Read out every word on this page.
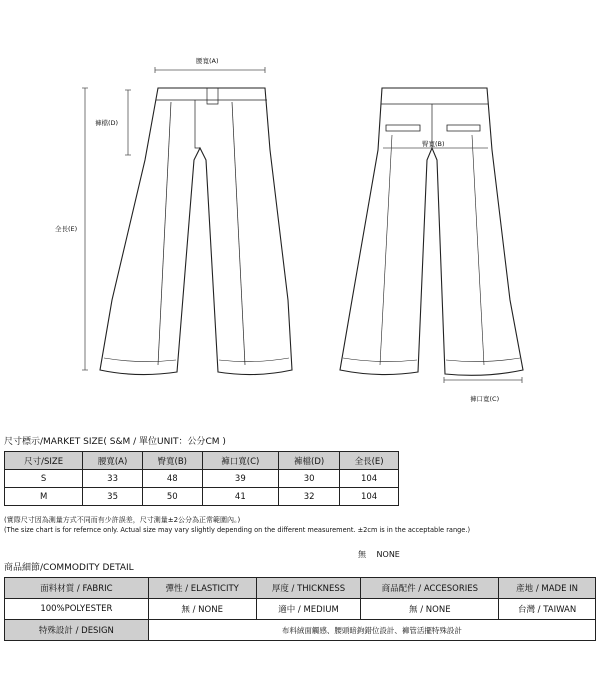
腰寬(A)
褲檔(D)
全長(E)
臀寬(B)
褲口寬(C)
尺寸標示/MARKET SIZE( S&M / 單位UNIT：公分CM )
尺寸/SIZE	腰寬(A)	臀寬(B)	褲口寬(C)	褲檔(D)	全長(E)
S	33	48	39	30	104
M	35	50	41	32	104
(實際尺寸因為測量方式不同而有少許誤差，尺寸測量±2公分為正常範圍內。)
(The size chart is for refernce only. Actual size may vary slightly depending on the different measurement. ±2cm is in the acceptable range.)
無　 NONE
商品細節/COMMODITY DETAIL
面料材質 / FABRIC	彈性 / ELASTICITY	厚度 / THICKNESS	商品配件 / ACCESORIES	產地 / MADE IN
100%POLYESTER	無 / NONE	適中 / MEDIUM	無 / NONE	台灣 / TAIWAN
特殊設計 / DESIGN	布料絨面觸感、腰頭暗鉤錯位設計、褲管活擺特殊設計			
